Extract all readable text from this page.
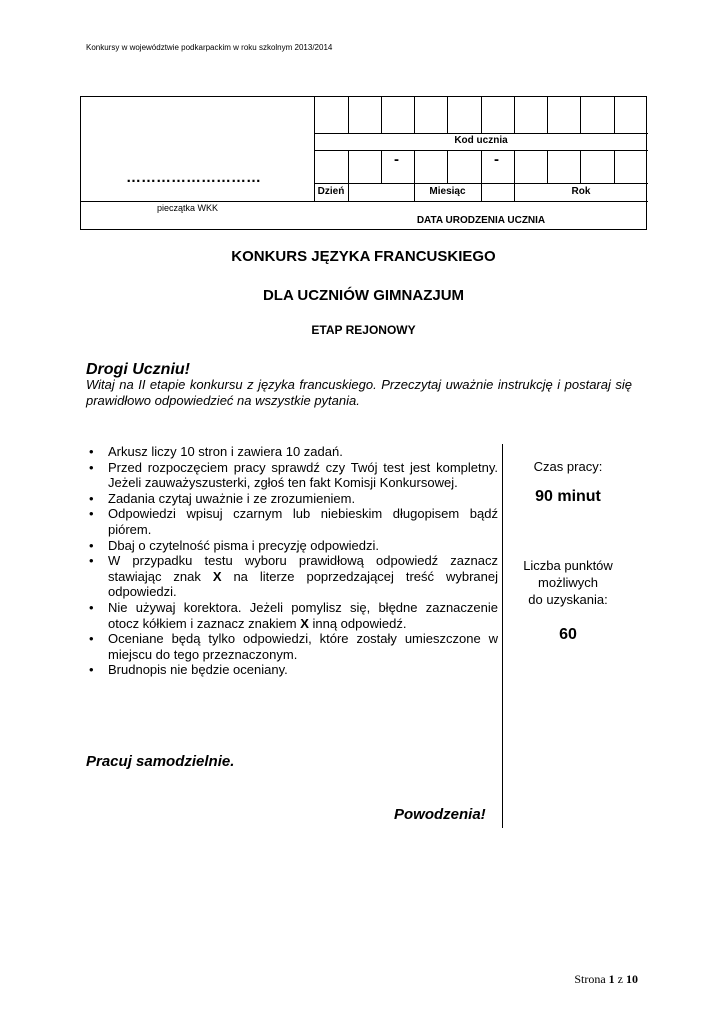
Konkursy w województwie podkarpackim w roku szkolnym 2013/2014
Kod ucznia
-	-
Dzień	Miesiąc	Rok
DATA URODZENIA UCZNIA
………………………
pieczątka WKK
KONKURS JĘZYKA FRANCUSKIEGO
DLA UCZNIÓW GIMNAZJUM
ETAP REJONOWY
Drogi Uczniu!
Witaj na II etapie konkursu z języka francuskiego. Przeczytaj uważnie instrukcję i postaraj się prawidłowo odpowiedzieć na wszystkie pytania.
• Arkusz liczy 10 stron i zawiera 10 zadań.
• Przed rozpoczęciem pracy sprawdź czy Twój test jest kompletny. Jeżeli zauważyszusterki, zgłoś ten fakt Komisji Konkursowej.
• Zadania czytaj uważnie i ze zrozumieniem.
• Odpowiedzi wpisuj czarnym lub niebieskim długopisem bądź piórem.
• Dbaj o czytelność pisma i precyzję odpowiedzi.
• W przypadku testu wyboru prawidłową odpowiedź zaznacz stawiając znak X na literze poprzedzającej treść wybranej odpowiedzi.
• Nie używaj korektora. Jeżeli pomylisz się, błędne zaznaczenie otocz kółkiem i zaznacz znakiem X inną odpowiedź.
• Oceniane będą tylko odpowiedzi, które zostały umieszczone w miejscu do tego przeznaczonym.
• Brudnopis nie będzie oceniany.
Pracuj samodzielnie.
Powodzenia!
Czas pracy:
90 minut
Liczba punktów
możliwych
do uzyskania:
60
Strona 1 z 10
